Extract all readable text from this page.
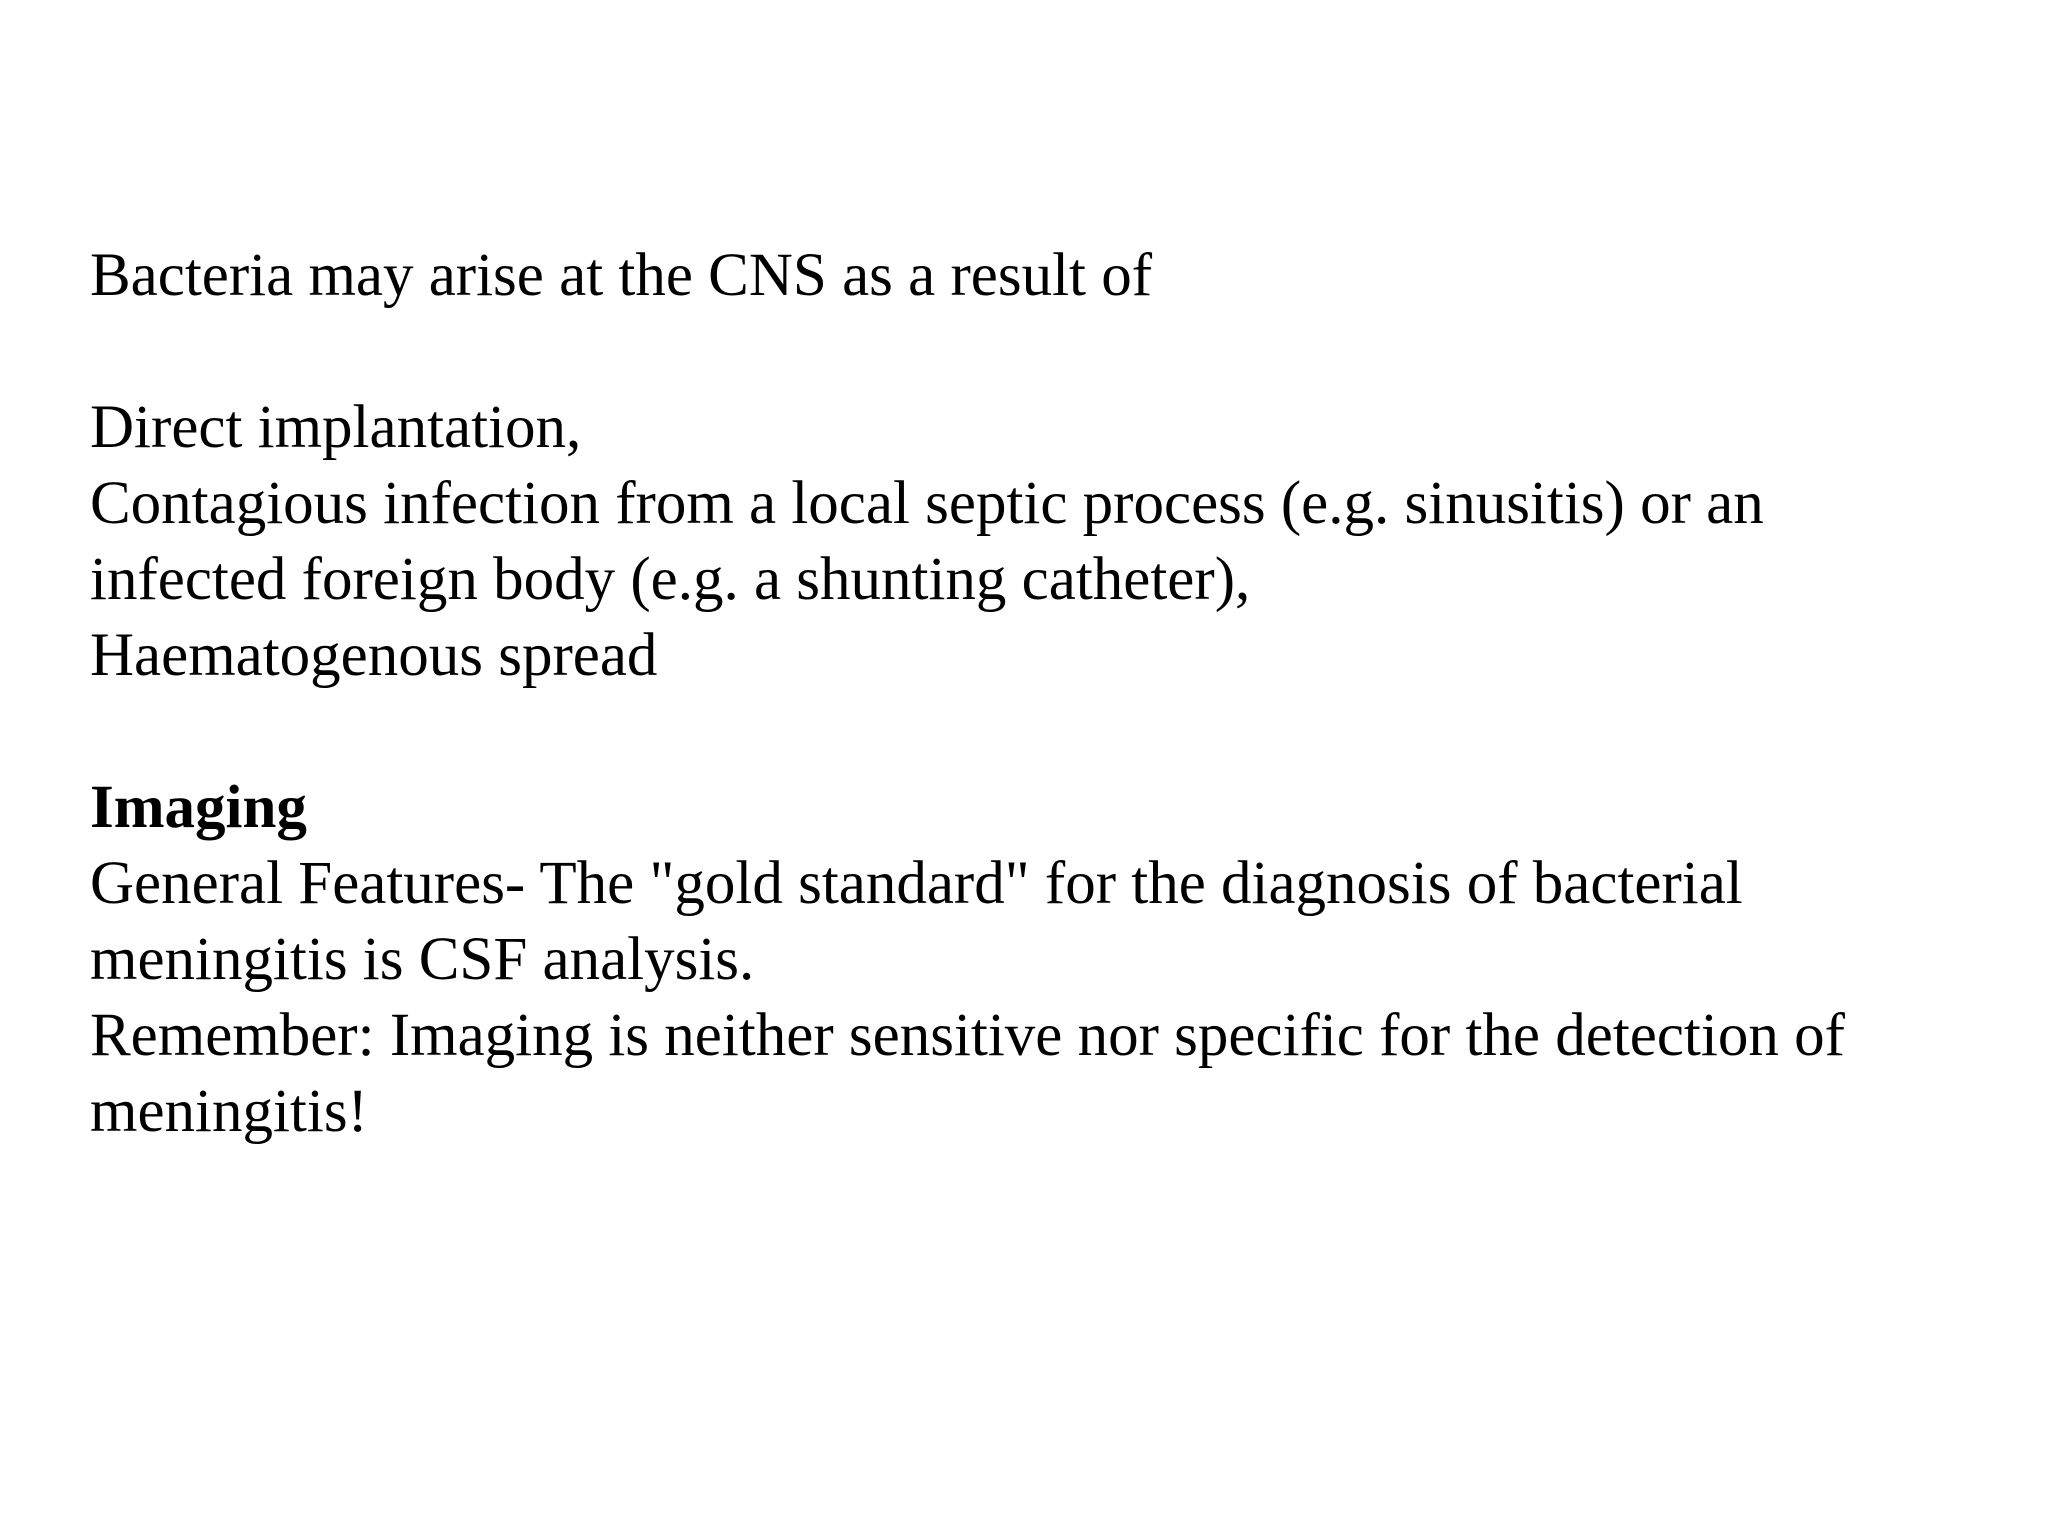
Bacteria may arise at the CNS as a result of
Direct implantation,
Contagious infection from a local septic process (e.g. sinusitis) or an
infected foreign body (e.g. a shunting catheter),
Haematogenous spread
Imaging
General Features- The "gold standard" for the diagnosis of bacterial
meningitis is CSF analysis.
Remember: Imaging is neither sensitive nor specific for the detection of
meningitis!
